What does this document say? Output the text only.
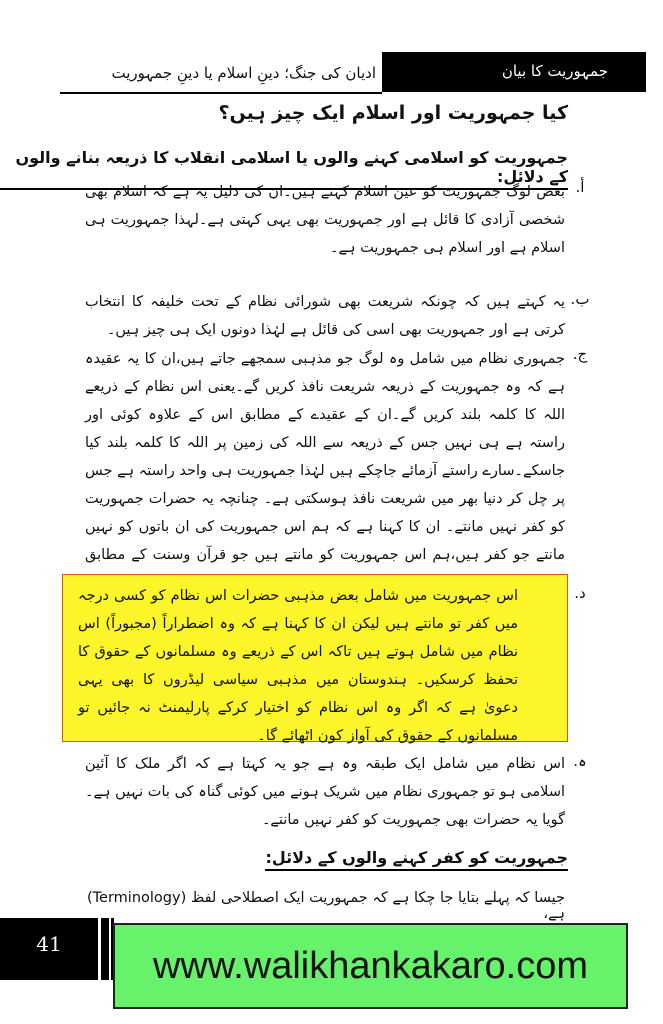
ادیان کی جنگ؛ دینِ اسلام یا دینِ جمہوریت	جمہوریت کا بیان
کیا جمہوریت اور اسلام ایک چیز ہیں؟
جمہوریت کو اسلامی کہنے والوں یا اسلامی انقلاب کا ذریعہ بنانے والوں کے دلائل:
أ.
بعض لوگ جمہوریت کو عین اسلام کہتے ہیں۔ان کی دلیل یہ ہے کہ اسلام بھی شخصی آزادی کا قائل ہے اور جمہوریت بھی یہی کہتی ہے۔لہذا جمہوریت ہی اسلام ہے اور اسلام ہی جمہوریت ہے۔
ب.
یہ کہتے ہیں کہ چونکہ شریعت بھی شورائی نظام کے تحت خلیفہ کا انتخاب کرتی ہے اور جمہوریت بھی اسی کی قائل ہے لہٰذا دونوں ایک ہی چیز ہیں۔
ج.
جمہوری نظام میں شامل وہ لوگ جو مذہبی سمجھے جاتے ہیں،ان کا یہ عقیدہ ہے کہ وہ جمہوریت کے ذریعہ شریعت نافذ کریں گے۔یعنی اس نظام کے ذریعے اللہ کا کلمہ بلند کریں گے۔ان کے عقیدے کے مطابق اس کے علاوہ کوئی اور راستہ ہے ہی نہیں جس کے ذریعہ سے اللہ کی زمین پر اللہ کا کلمہ بلند کیا جاسکے۔سارے راستے آزمائے جاچکے ہیں لہٰذا جمہوریت ہی واحد راستہ ہے جس پر چل کر دنیا بھر میں شریعت نافذ ہوسکتی ہے۔ چنانچہ یہ حضرات جمہوریت کو کفر نہیں مانتے۔ ان کا کہنا ہے کہ ہم اس جمہوریت کی ان باتوں کو نہیں مانتے جو کفر ہیں،ہم اس جمہوریت کو مانتے ہیں جو قرآن وسنت کے مطابق
د.
اس جمہوریت میں شامل بعض مذہبی حضرات اس نظام کو کسی درجہ میں کفر تو مانتے ہیں لیکن ان کا کہنا ہے کہ وہ اضطراراً (مجبوراً) اس نظام میں شامل ہوتے ہیں تاکہ اس کے ذریعے وہ مسلمانوں کے حقوق کا تحفظ کرسکیں۔ ہندوستان میں مذہبی سیاسی لیڈروں کا بھی یہی دعویٰ ہے کہ اگر وہ اس نظام کو اختیار کرکے پارلیمنٹ نہ جائیں تو مسلمانوں کے حقوق کی آواز کون اٹھائے گا۔
ہ.
اس نظام میں شامل ایک طبقہ وہ ہے جو یہ کہتا ہے کہ اگر ملک کا آئین اسلامی ہو تو جمہوری نظام میں شریک ہونے میں کوئی گناہ کی بات نہیں ہے۔ گویا یہ حضرات بھی جمہوریت کو کفر نہیں مانتے۔
جمہوریت کو کفر کہنے والوں کے دلائل:
جیسا کہ پہلے بتایا جا چکا ہے کہ جمہوریت ایک اصطلاحی لفظ (Terminology) ہے،
41
www.walikhankakaro.com
